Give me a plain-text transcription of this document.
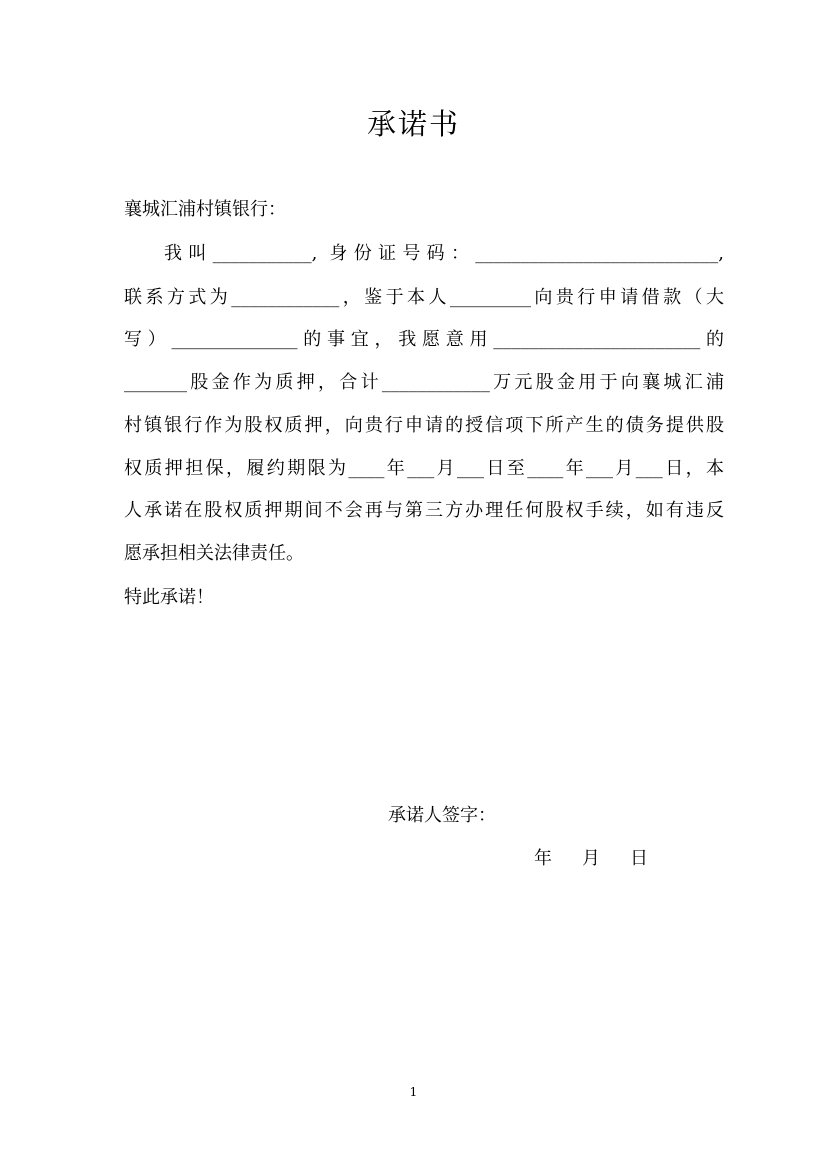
承诺书
襄城汇浦村镇银行：
我叫___________, 身份证号码：___________________________,
联系方式为____________，鉴于本人_________向贵行申请借款（大
写）______________的事宜，我愿意用_______________________的
_______股金作为质押，合计____________万元股金用于向襄城汇浦
村镇银行作为股权质押，向贵行申请的授信项下所产生的债务提供股
权质押担保，履约期限为____年___月___日至____年___月___日，本
人承诺在股权质押期间不会再与第三方办理任何股权手续，如有违反
愿承担相关法律责任。
特此承诺！
承诺人签字：
年 月 日
1
